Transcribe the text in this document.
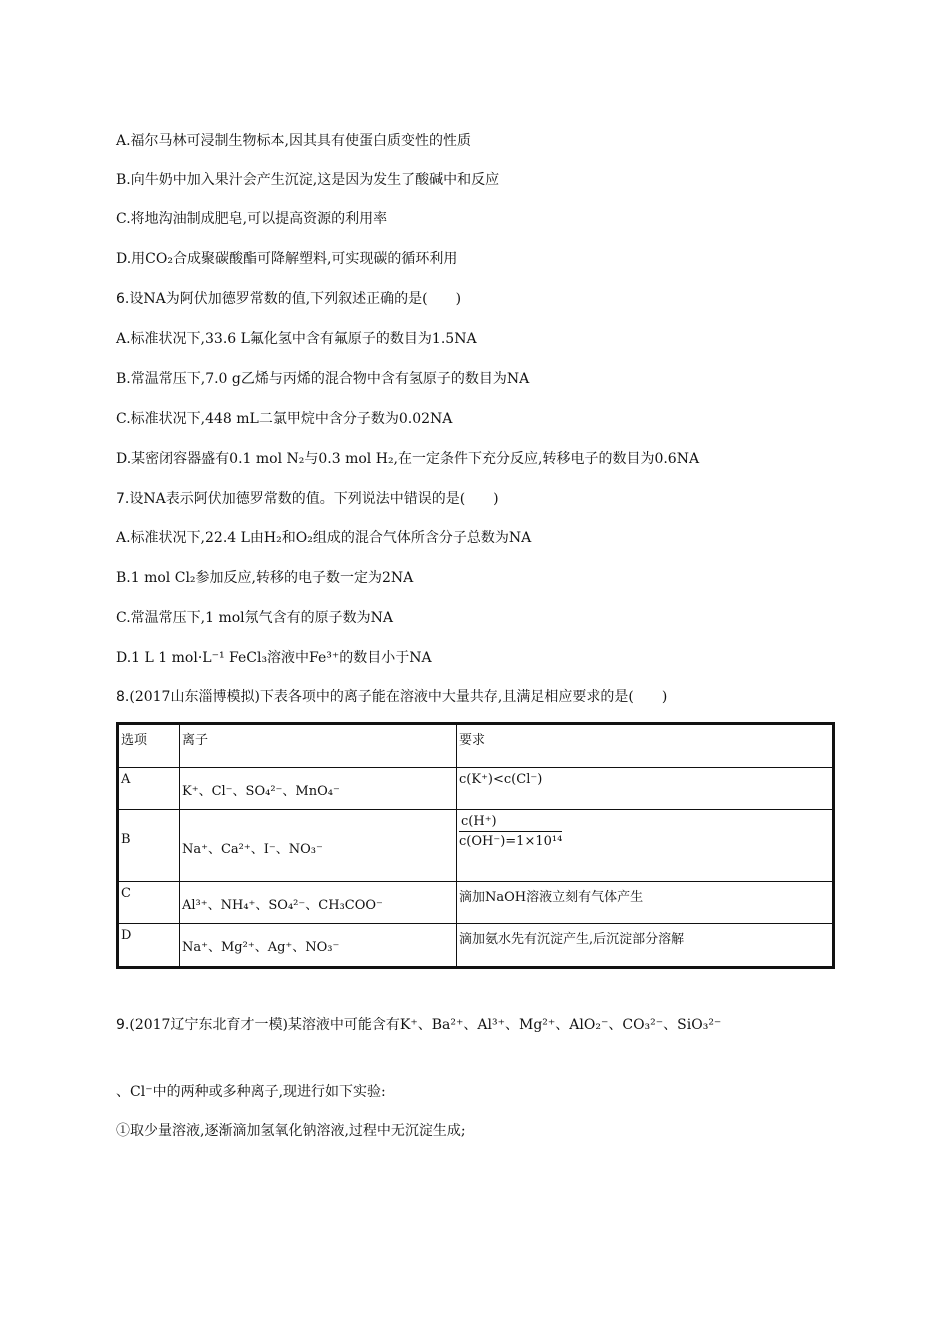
A.福尔马林可浸制生物标本,因其具有使蛋白质变性的性质
B.向牛奶中加入果汁会产生沉淀,这是因为发生了酸碱中和反应
C.将地沟油制成肥皂,可以提高资源的利用率
D.用CO₂合成聚碳酸酯可降解塑料,可实现碳的循环利用
6.设NA为阿伏加德罗常数的值,下列叙述正确的是(　　)
A.标准状况下,33.6 L氟化氢中含有氟原子的数目为1.5NA
B.常温常压下,7.0 g乙烯与丙烯的混合物中含有氢原子的数目为NA
C.标准状况下,448 mL二氯甲烷中含分子数为0.02NA
D.某密闭容器盛有0.1 mol N₂与0.3 mol H₂,在一定条件下充分反应,转移电子的数目为0.6NA
7.设NA表示阿伏加德罗常数的值。下列说法中错误的是(　　)
A.标准状况下,22.4 L由H₂和O₂组成的混合气体所含分子总数为NA
B.1 mol Cl₂参加反应,转移的电子数一定为2NA
C.常温常压下,1 mol氖气含有的原子数为NA
D.1 L 1 mol·L⁻¹ FeCl₃溶液中Fe³⁺的数目小于NA
8.(2017山东淄博模拟)下表各项中的离子能在溶液中大量共存,且满足相应要求的是(　　)
选项	离子	要求
A	K⁺、Cl⁻、SO₄²⁻、MnO₄⁻	c(K⁺)<c(Cl⁻)
B	Na⁺、Ca²⁺、I⁻、NO₃⁻	$\frac{c(H^+)}{\text{c(OH⁻)=1×10¹⁴}}$

C	Al³⁺、NH₄⁺、SO₄²⁻、CH₃COO⁻	滴加NaOH溶液立刻有气体产生
D	Na⁺、Mg²⁺、Ag⁺、NO₃⁻	滴加氨水先有沉淀产生,后沉淀部分溶解
9.(2017辽宁东北育才一模)某溶液中可能含有K⁺、Ba²⁺、Al³⁺、Mg²⁺、AlO₂⁻、CO₃²⁻、SiO₃²⁻
、Cl⁻中的两种或多种离子,现进行如下实验:
①取少量溶液,逐渐滴加氢氧化钠溶液,过程中无沉淀生成;
